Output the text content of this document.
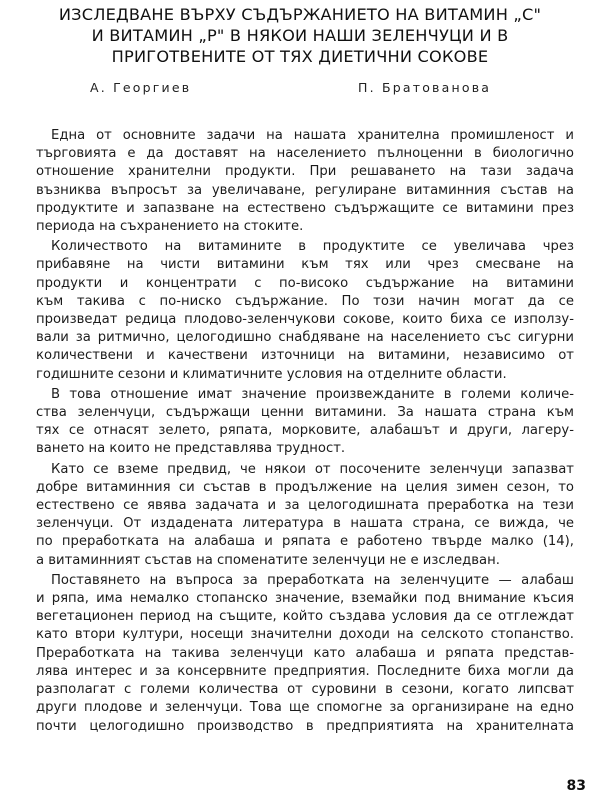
ИЗСЛЕДВАНЕ ВЪРХУ СЪДЪРЖАНИЕТО НА ВИТАМИН „С"
И ВИТАМИН „Р" В НЯКОИ НАШИ ЗЕЛЕНЧУЦИ И В
ПРИГОТВЕНИТЕ ОТ ТЯХ ДИЕТИЧНИ СОКОВЕ
А. Георгиев	П. Братованова
Една от основните задачи на нашата хранителна промишленост и
търговията е да доставят на населението пълноценни в биологично
отношение хранителни продукти. При решаването на тази задача
възниква въпросът за увеличаване, регулиране витаминния състав на
продуктите и запазване на естествено съдържащите се витамини през
периода на съхранението на стоките.
Количеството на витамините в продуктите се увеличава чрез
прибавяне на чисти витамини към тях или чрез смесване на
продукти и концентрати с по-високо съдържание на витамини
към такива с по-ниско съдържание. По този начин могат да се
произведат редица плодово-зеленчукови сокове, които биха се използу-
вали за ритмично, целогодишно снабдяване на населението със сигурни
количествени и качествени източници на витамини, независимо от
годишните сезони и климатичните условия на отделните области.
В това отношение имат значение произвежданите в големи количе-
ства зеленчуци, съдържащи ценни витамини. За нашата страна към
тях се отнасят зелето, ряпата, морковите, алабашът и други, лагеру-
ването на които не представлява трудност.
Като се вземе предвид, че някои от посочените зеленчуци запазват
добре витаминния си състав в продължение на целия зимен сезон, то
естествено се явява задачата и за целогодишната преработка на тези
зеленчуци. От издадената литература в нашата страна, се вижда, че
по преработката на алабаша и ряпата е работено твърде малко (14),
а витаминният състав на споменатите зеленчуци не е изследван.
Поставянето на въпроса за преработката на зеленчуците — алабаш
и ряпа, има немалко стопанско значение, вземайки под внимание късия
вегетационен период на същите, който създава условия да се отглеждат
като втори култури, носещи значителни доходи на селското стопанство.
Преработката на такива зеленчуци като алабаша и ряпата представ-
лява интерес и за консервните предприятия. Последните биха могли да
разполагат с големи количества от суровини в сезони, когато липсват
други плодове и зеленчуци. Това ще спомогне за организиране на едно
почти целогодишно производство в предприятията на хранителната
83
